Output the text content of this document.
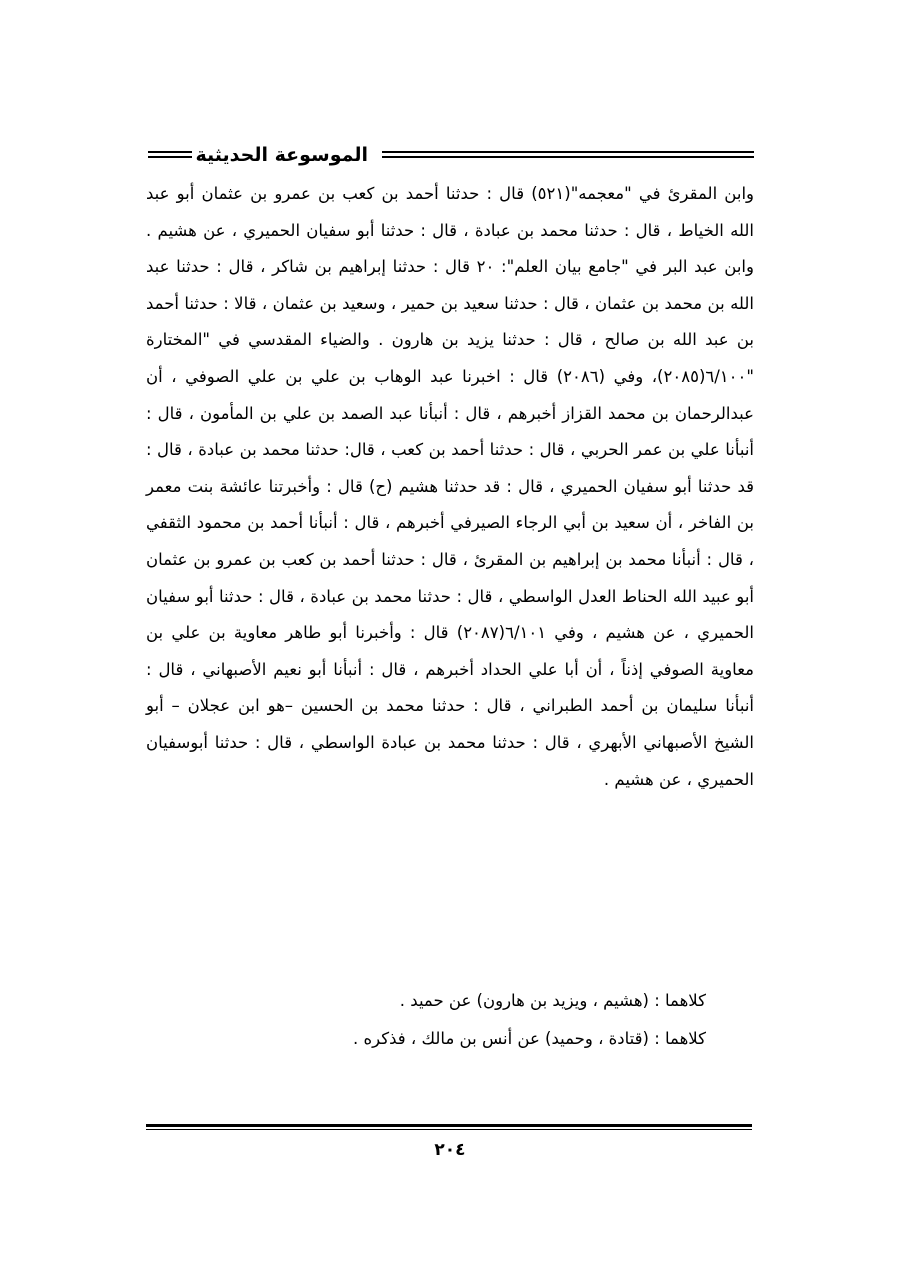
الموسوعة الحديثية

وابن المقرئ في "معجمه"(٥٢١) قال : حدثنا أحمد بن كعب بن عمرو بن عثمان أبو عبد الله الخياط ، قال : حدثنا محمد بن عبادة ، قال : حدثنا أبو سفيان الحميري ، عن هشيم . وابن عبد البر في "جامع بيان العلم": ٢٠ قال : حدثنا إبراهيم بن شاكر ، قال : حدثنا عبد الله بن محمد بن عثمان ، قال : حدثنا سعيد بن حمير ، وسعيد بن عثمان ، قالا : حدثنا أحمد بن عبد الله بن صالح ، قال : حدثنا يزيد بن هارون . والضياء المقدسي في "المختارة "٦/١٠٠(٢٠٨٥)، وفي (٢٠٨٦) قال : اخبرنا عبد الوهاب بن علي بن علي الصوفي ، أن عبدالرحمان بن محمد القزاز أخبرهم ، قال : أنبأنا عبد الصمد بن علي بن المأمون ، قال : أنبأنا علي بن عمر الحربي ، قال : حدثنا أحمد بن كعب ، قال: حدثنا محمد بن عبادة ، قال : قد حدثنا أبو سفيان الحميري ، قال : قد حدثنا هشيم (ح) قال : وأخبرتنا عائشة بنت معمر بن الفاخر ، أن سعيد بن أبي الرجاء الصيرفي أخبرهم ، قال : أنبأنا أحمد بن محمود الثقفي ، قال : أنبأنا محمد بن إبراهيم بن المقرئ ، قال : حدثنا أحمد بن كعب بن عمرو بن عثمان أبو عبيد الله الحناط العدل الواسطي ، قال : حدثنا محمد بن عبادة ، قال : حدثنا أبو سفيان الحميري ، عن هشيم ، وفي ٦/١٠١(٢٠٨٧) قال : وأخبرنا أبو طاهر معاوية بن علي بن معاوية الصوفي إذناً ، أن أبا علي الحداد أخبرهم ، قال : أنبأنا أبو نعيم الأصبهاني ، قال : أنبأنا سليمان بن أحمد الطبراني ، قال : حدثنا محمد بن الحسين –هو ابن عجلان – أبو الشيخ الأصبهاني الأبهري ، قال : حدثنا محمد بن عبادة الواسطي ، قال : حدثنا أبوسفيان الحميري ، عن هشيم .

كلاهما : (هشيم ، ويزيد بن هارون) عن حميد .

كلاهما : (قتادة ، وحميد) عن أنس بن مالك ، فذكره .

٢٠٤
